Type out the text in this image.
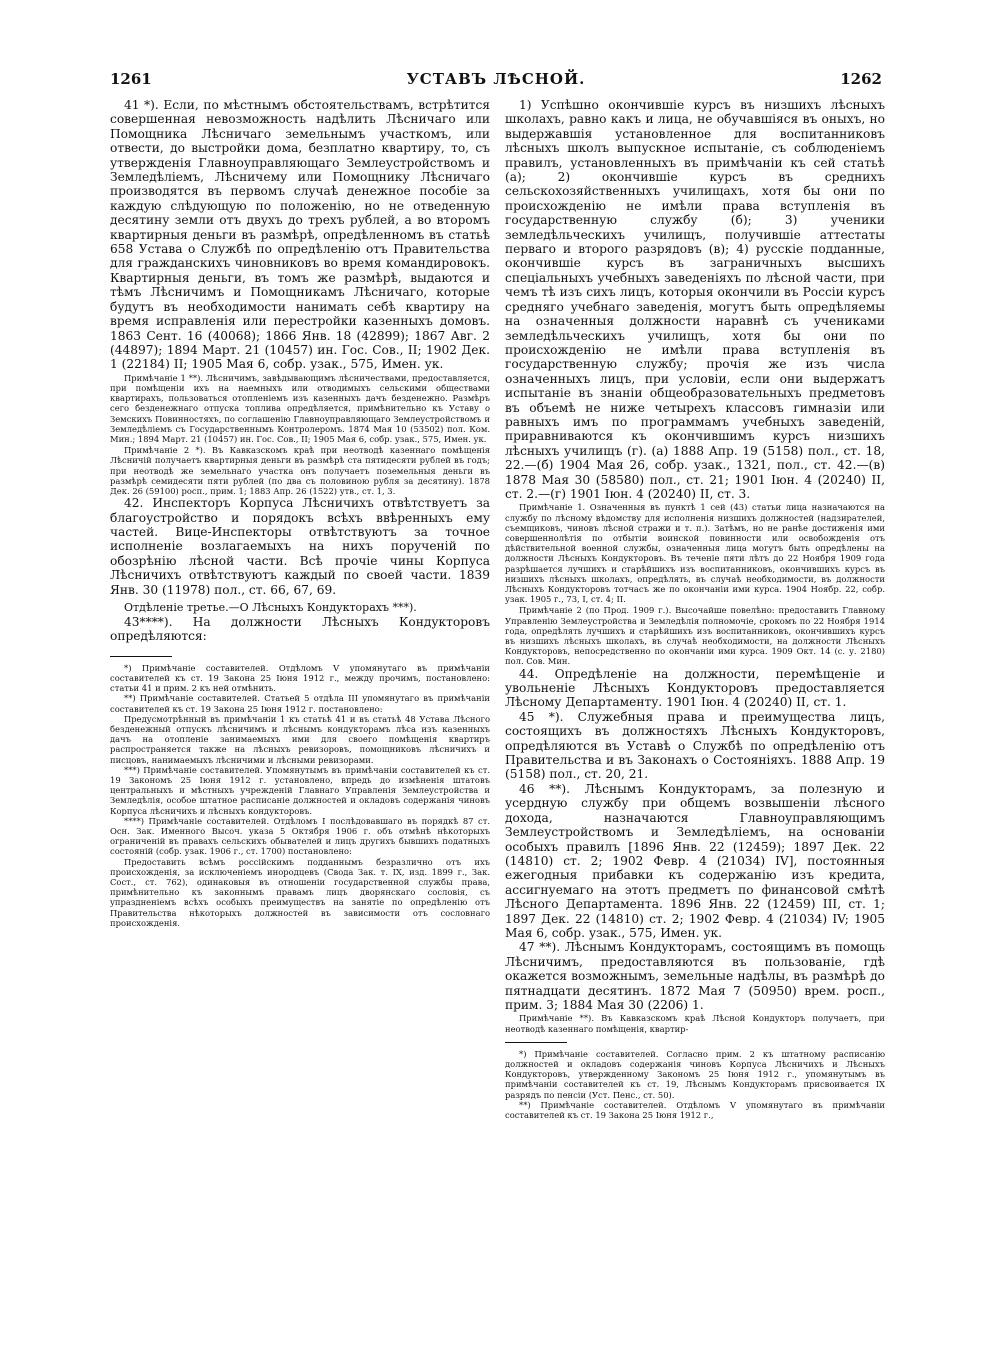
1261	УСТАВЪ ЛѢСНОЙ.	1262

41 *). Если, по мѣстнымъ обстоятельствамъ, встрѣтится совершенная невозможность надѣлить Лѣсничаго или Помощника Лѣсничаго земельнымъ участкомъ, или отвести, до выстройки дома, безплатно квартиру, то, съ утвержденія Главноуправляющаго Землеустройствомъ и Земледѣліемъ, Лѣсничему или Помощнику Лѣсничаго производятся въ первомъ случаѣ денежное пособіе за каждую слѣдующую по положенію, но не отведенную десятину земли отъ двухъ до трехъ рублей, а во второмъ квартирныя деньги въ размѣрѣ, опредѣленномъ въ статьѣ 658 Устава о Службѣ по опредѣленію отъ Правительства для гражданскихъ чиновниковъ во время командировокъ. Квартирныя деньги, въ томъ же размѣрѣ, выдаются и тѣмъ Лѣсничимъ и Помощникамъ Лѣсничаго, которые будутъ въ необходимости нанимать себѣ квартиру на время исправленія или перестройки казенныхъ домовъ. 1863 Сент. 16 (40068); 1866 Янв. 18 (42899); 1867 Авг. 2 (44897); 1894 Март. 21 (10457) ин. Гос. Сов., II; 1902 Дек. 1 (22184) II; 1905 Мая 6, собр. узак., 575, Имен. ук.

Примѣчаніе 1 **). Лѣсничимъ, завѣдывающимъ лѣсничествами, предоставляется, при помѣщеніи ихъ на наемныхъ или отводимыхъ сельскими обществами квартирахъ, пользоваться отопленіемъ изъ казенныхъ дачъ безденежно. Размѣръ сего безденежнаго отпуска топлива опредѣляется, примѣнительно къ Уставу о Земскихъ Повинностяхъ, по соглашенію Главноуправляющаго Землеустройствомъ и Земледѣліемъ съ Государственнымъ Контролеромъ. 1874 Мая 10 (53502) пол. Ком. Мин.; 1894 Март. 21 (10457) ин. Гос. Сов., II; 1905 Мая 6, собр. узак., 575, Имен. ук.

Примѣчаніе 2 *). Въ Кавказскомъ краѣ при неотводѣ казеннаго помѣщенія Лѣсничій получаетъ квартирныя деньги въ размѣрѣ ста пятидесяти рублей въ годъ; при неотводѣ же земельнаго участка онъ получаетъ поземельныя деньги въ размѣрѣ семидесяти пяти рублей (по два съ половиною рубля за десятину). 1878 Дек. 26 (59100) росп., прим. 1; 1883 Апр. 26 (1522) утв., ст. 1, 3.

42. Инспекторъ Корпуса Лѣсничихъ отвѣтствуетъ за благоустройство и порядокъ всѣхъ ввѣренныхъ ему частей. Вице-Инспекторы отвѣтствуютъ за точное исполненіе возлагаемыхъ на нихъ порученій по обозрѣнію лѣсной части. Всѣ прочіе чины Корпуса Лѣсничихъ отвѣтствуютъ каждый по своей части. 1839 Янв. 30 (11978) пол., ст. 66, 67, 69.

Отдѣленіе третье.—О Лѣсныхъ Кондукторахъ ***).

43****). На должности Лѣсныхъ Кондукторовъ опредѣляются:

*) Примѣчаніе составителей. Отдѣломъ V упомянутаго въ примѣчаніи составителей къ ст. 19 Закона 25 Іюня 1912 г., между прочимъ, постановлено: статьи 41 и прим. 2 къ ней отмѣнить.

**) Примѣчаніе составителей. Статьей 5 отдѣла III упомянутаго въ примѣчаніи составителей къ ст. 19 Закона 25 Іюня 1912 г. постановлено:

Предусмотрѣнный въ примѣчаніи 1 къ статьѣ 41 и въ статьѣ 48 Устава Лѣсного безденежный отпускъ лѣсничимъ и лѣснымъ кондукторамъ лѣса изъ казенныхъ дачъ на отопленіе занимаемыхъ ими для своего помѣщенія квартиръ распространяется также на лѣсныхъ ревизоровъ, помощниковъ лѣсничихъ и писцовъ, нанимаемыхъ лѣсничими и лѣсными ревизорами.

***) Примѣчаніе составителей. Упомянутымъ въ примѣчаніи составителей къ ст. 19 Закономъ 25 Іюня 1912 г. установлено, впредь до измѣненія штатовъ центральныхъ и мѣстныхъ учрежденій Главнаго Управленія Землеустройства и Земледѣлія, особое штатное расписаніе должностей и окладовъ содержанія чиновъ Корпуса лѣсничихъ и лѣсныхъ кондукторовъ.

****) Примѣчаніе составителей. Отдѣломъ I послѣдовавшаго въ порядкѣ 87 ст. Осн. Зак. Именного Высоч. указа 5 Октября 1906 г. объ отмѣнѣ нѣкоторыхъ ограниченій въ правахъ сельскихъ обывателей и лицъ другихъ бывшихъ податныхъ состояній (собр. узак. 1906 г., ст. 1700) постановлено:

Предоставить всѣмъ россійскимъ подданнымъ безразлично отъ ихъ происхожденія, за исключеніемъ инородцевъ (Свода Зак. т. IX, изд. 1899 г., Зак. Сост., ст. 762), одинаковыя въ отношеніи государственной службы права, примѣнительно къ законнымъ правамъ лицъ дворянскаго сословія, съ упраздненіемъ всѣхъ особыхъ преимуществъ на занятіе по опредѣленію отъ Правительства нѣкоторыхъ должностей въ зависимости отъ сословнаго происхожденія.

1) Успѣшно окончившіе курсъ въ низшихъ лѣсныхъ школахъ, равно какъ и лица, не обучавшіяся въ оныхъ, но выдержавшія установленное для воспитанниковъ лѣсныхъ школъ выпускное испытаніе, съ соблюденіемъ правилъ, установленныхъ въ примѣчаніи къ сей статьѣ (а); 2) окончившіе курсъ въ среднихъ сельскохозяйственныхъ училищахъ, хотя бы они по происхожденію не имѣли права вступленія въ государственную службу (б); 3) ученики земледѣльческихъ училищъ, получившіе аттестаты перваго и второго разрядовъ (в); 4) русскіе подданные, окончившіе курсъ въ заграничныхъ высшихъ спеціальныхъ учебныхъ заведеніяхъ по лѣсной части, при чемъ тѣ изъ сихъ лицъ, которыя окончили въ Россіи курсъ средняго учебнаго заведенія, могутъ быть опредѣляемы на означенныя должности наравнѣ съ учениками земледѣльческихъ училищъ, хотя бы они по происхожденію не имѣли права вступленія въ государственную службу; прочія же изъ числа означенныхъ лицъ, при условіи, если они выдержатъ испытаніе въ знаніи общеобразовательныхъ предметовъ въ объемѣ не ниже четырехъ классовъ гимназіи или равныхъ имъ по программамъ учебныхъ заведеній, приравниваются къ окончившимъ курсъ низшихъ лѣсныхъ училищъ (г). (а) 1888 Апр. 19 (5158) пол., ст. 18, 22.—(б) 1904 Мая 26, собр. узак., 1321, пол., ст. 42.—(в) 1878 Мая 30 (58580) пол., ст. 21; 1901 Іюн. 4 (20240) II, ст. 2.—(г) 1901 Іюн. 4 (20240) II, ст. 3.

Примѣчаніе 1. Означенныя въ пунктѣ 1 сей (43) статьи лица назначаются на службу по лѣсному вѣдомству для исполненія низшихъ должностей (надзирателей, съемщиковъ, чиновъ лѣсной стражи и т. п.). Затѣмъ, но не ранѣе достиженія ими совершеннолѣтія по отбытіи воинской повинности или освобожденія отъ дѣйствительной военной службы, означенныя лица могутъ быть опредѣлены на должности Лѣсныхъ Кондукторовъ. Въ теченіе пяти лѣтъ до 22 Ноября 1909 года разрѣшается лучшихъ и старѣйшихъ изъ воспитанниковъ, окончившихъ курсъ въ низшихъ лѣсныхъ школахъ, опредѣлять, въ случаѣ необходимости, въ должности Лѣсныхъ Кондукторовъ тотчасъ же по окончаніи ими курса. 1904 Ноябр. 22, собр. узак. 1905 г., 73, I, ст. 4; II.

Примѣчаніе 2 (по Прод. 1909 г.). Высочайше повелѣно: предоставить Главному Управленію Землеустройства и Земледѣлія полномочіе, срокомъ по 22 Ноября 1914 года, опредѣлять лучшихъ и старѣйшихъ изъ воспитанниковъ, окончившихъ курсъ въ низшихъ лѣсныхъ школахъ, въ случаѣ необходимости, на должности Лѣсныхъ Кондукторовъ, непосредственно по окончаніи ими курса. 1909 Окт. 14 (с. у. 2180) пол. Сов. Мин.

44. Опредѣленіе на должности, перемѣщеніе и увольненіе Лѣсныхъ Кондукторовъ предоставляется Лѣсному Департаменту. 1901 Іюн. 4 (20240) II, ст. 1.

45 *). Служебныя права и преимущества лицъ, состоящихъ въ должностяхъ Лѣсныхъ Кондукторовъ, опредѣляются въ Уставѣ о Службѣ по опредѣленію отъ Правительства и въ Законахъ о Состояніяхъ. 1888 Апр. 19 (5158) пол., ст. 20, 21.

46 **). Лѣснымъ Кондукторамъ, за полезную и усердную службу при общемъ возвышеніи лѣсного дохода, назначаются Главноуправляющимъ Землеустройствомъ и Земледѣліемъ, на основаніи особыхъ правилъ [1896 Янв. 22 (12459); 1897 Дек. 22 (14810) ст. 2; 1902 Февр. 4 (21034) IV], постоянныя ежегодныя прибавки къ содержанію изъ кредита, ассигнуемаго на этотъ предметъ по финансовой смѣтѣ Лѣсного Департамента. 1896 Янв. 22 (12459) III, ст. 1; 1897 Дек. 22 (14810) ст. 2; 1902 Февр. 4 (21034) IV; 1905 Мая 6, собр. узак., 575, Имен. ук.

47 **). Лѣснымъ Кондукторамъ, состоящимъ въ помощь Лѣсничимъ, предоставляются въ пользованіе, гдѣ окажется возможнымъ, земельные надѣлы, въ размѣрѣ до пятнадцати десятинъ. 1872 Мая 7 (50950) врем. росп., прим. 3; 1884 Мая 30 (2206) 1.

Примѣчаніе **). Въ Кавказскомъ краѣ Лѣсной Кондукторъ получаетъ, при неотводѣ казеннаго помѣщенія, квартир-

*) Примѣчаніе составителей. Согласно прим. 2 къ штатному расписанію должностей и окладовъ содержанія чиновъ Корпуса Лѣсничихъ и Лѣсныхъ Кондукторовъ, утвержденному Закономъ 25 Іюня 1912 г., упомянутымъ въ примѣчаніи составителей къ ст. 19, Лѣснымъ Кондукторамъ присвоивается IX разрядъ по пенсіи (Уст. Пенс., ст. 50).

**) Примѣчаніе составителей. Отдѣломъ V упомянутаго въ примѣчаніи составителей къ ст. 19 Закона 25 Іюня 1912 г.,
